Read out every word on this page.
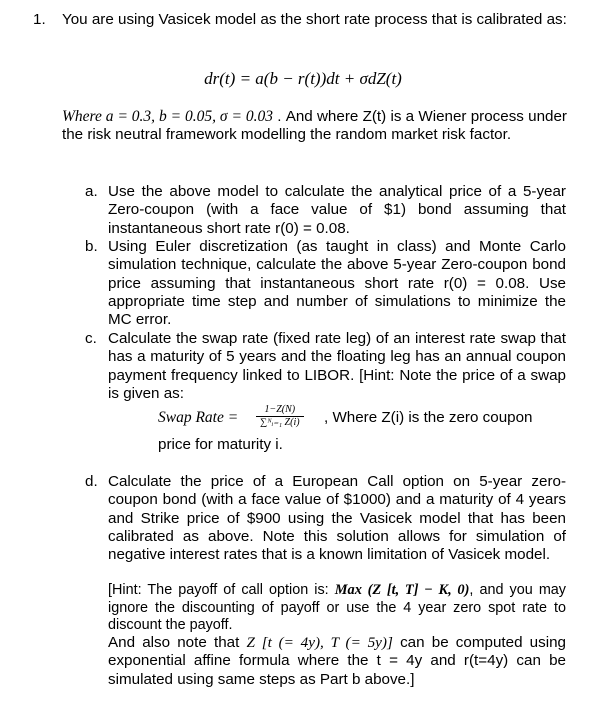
1. You are using Vasicek model as the short rate process that is calibrated as:
dr(t) = a(b − r(t))dt + σdZ(t)
Where a = 0.3, b = 0.05, σ = 0.03 . And where Z(t) is a Wiener process under the risk neutral framework modelling the random market risk factor.
a. Use the above model to calculate the analytical price of a 5-year Zero-coupon (with a face value of $1) bond assuming that instantaneous short rate r(0) = 0.08.
b. Using Euler discretization (as taught in class) and Monte Carlo simulation technique, calculate the above 5-year Zero-coupon bond price assuming that instantaneous short rate r(0) = 0.08. Use appropriate time step and number of simulations to minimize the MC error.
c. Calculate the swap rate (fixed rate leg) of an interest rate swap that has a maturity of 5 years and the floating leg has an annual coupon payment frequency linked to LIBOR. [Hint: Note the price of a swap is given as:
Swap Rate = $\frac{1-Z(N)}{\text{∑ᴺᵢ₌₁ Z(i)}}$ , Where Z(i) is the zero coupon
price for maturity i.
d. Calculate the price of a European Call option on 5-year zero-coupon bond (with a face value of $1000) and a maturity of 4 years and Strike price of $900 using the Vasicek model that has been calibrated as above. Note this solution allows for simulation of negative interest rates that is a known limitation of Vasicek model.
[Hint: The payoff of call option is: Max (Z [t, T] − K, 0), and you may ignore the discounting of payoff or use the 4 year zero spot rate to discount the payoff.
And also note that Z [t (= 4y), T (= 5y)] can be computed using exponential affine formula where the t = 4y and r(t=4y) can be simulated using same steps as Part b above.]
